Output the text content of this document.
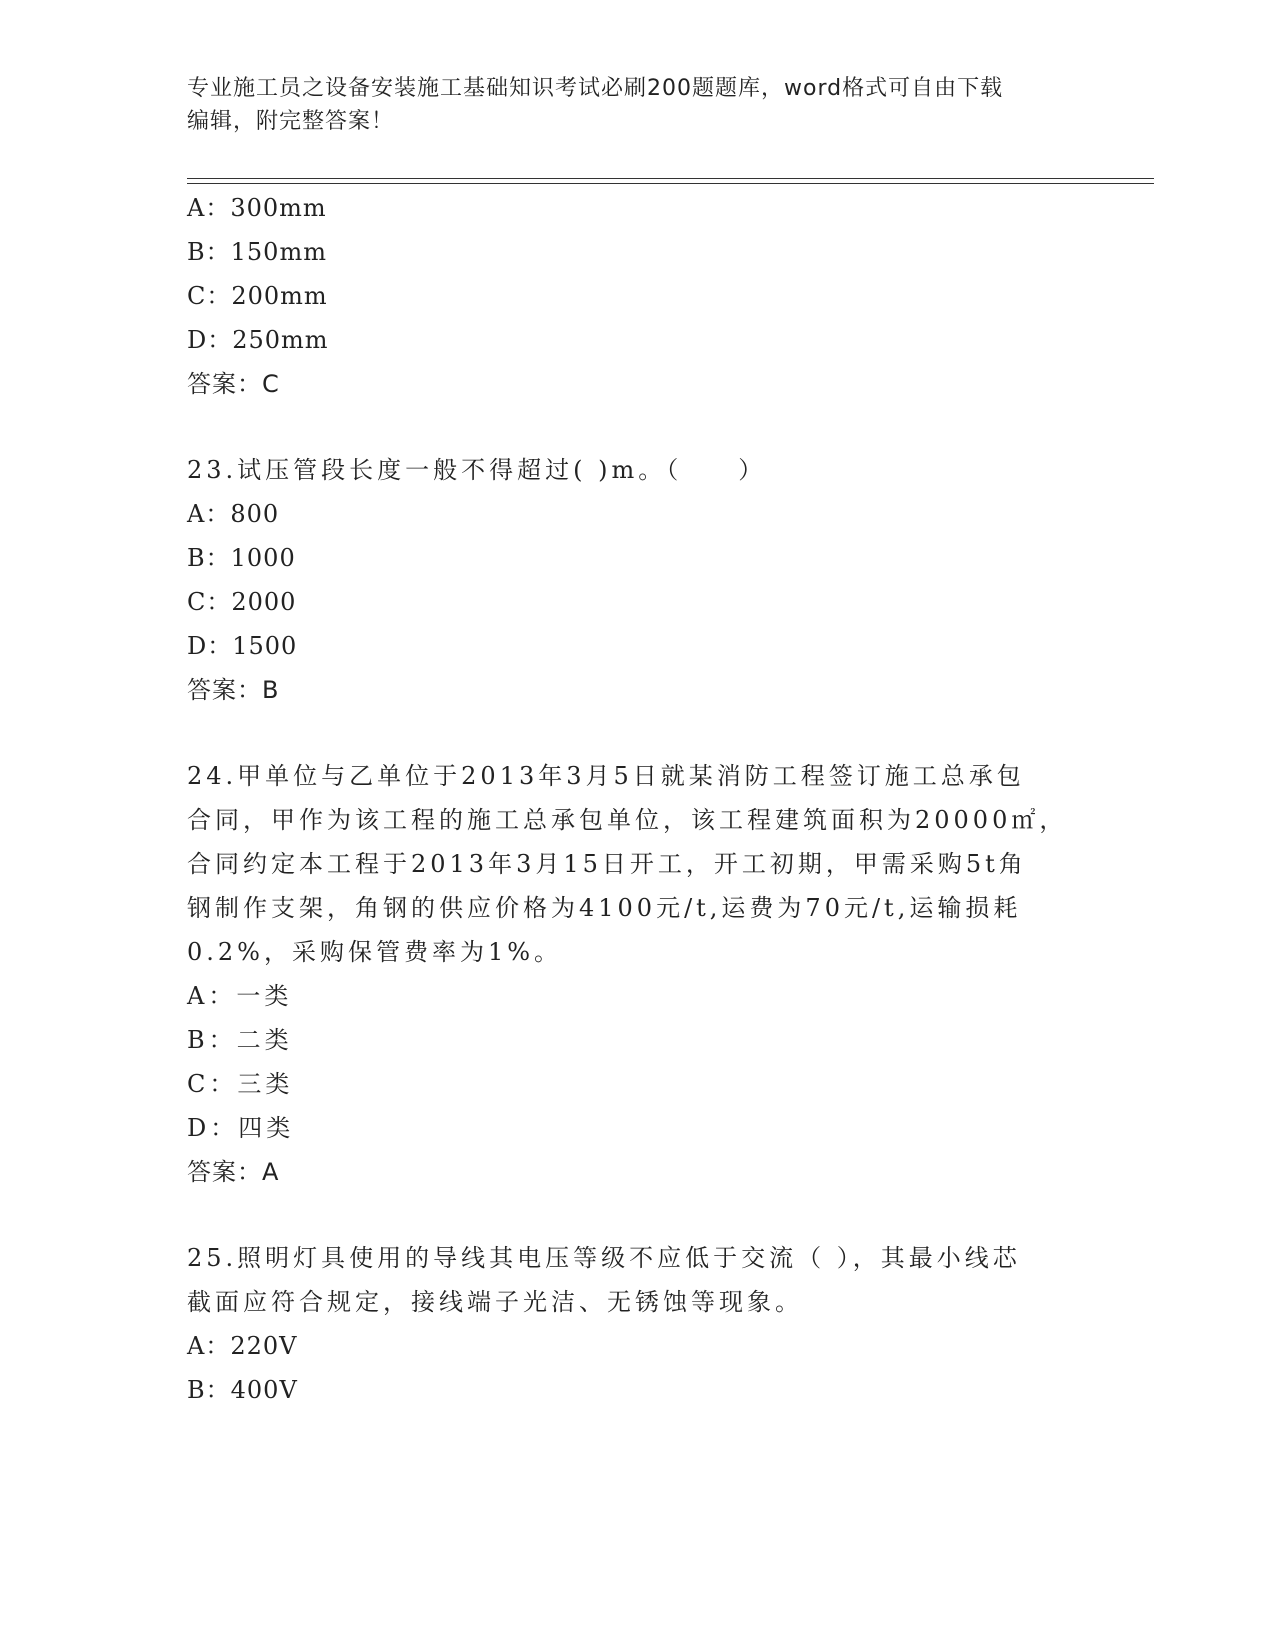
专业施工员之设备安装施工基础知识考试必刷200题题库，word格式可自由下载
编辑，附完整答案！
A：300mm
B：150mm
C：200mm
D：250mm
答案：C
23.试压管段长度一般不得超过( )m。（　　）
A：800
B：1000
C：2000
D：1500
答案：B
24.甲单位与乙单位于2013年3月5日就某消防工程签订施工总承包
合同，甲作为该工程的施工总承包单位，该工程建筑面积为20000㎡，
合同约定本工程于2013年3月15日开工，开工初期，甲需采购5t角
钢制作支架，角钢的供应价格为4100元/t,运费为70元/t,运输损耗
0.2%，采购保管费率为1%。
A：一类
B：二类
C：三类
D：四类
答案：A
25.照明灯具使用的导线其电压等级不应低于交流（ ），其最小线芯
截面应符合规定，接线端子光洁、无锈蚀等现象。
A：220V
B：400V
